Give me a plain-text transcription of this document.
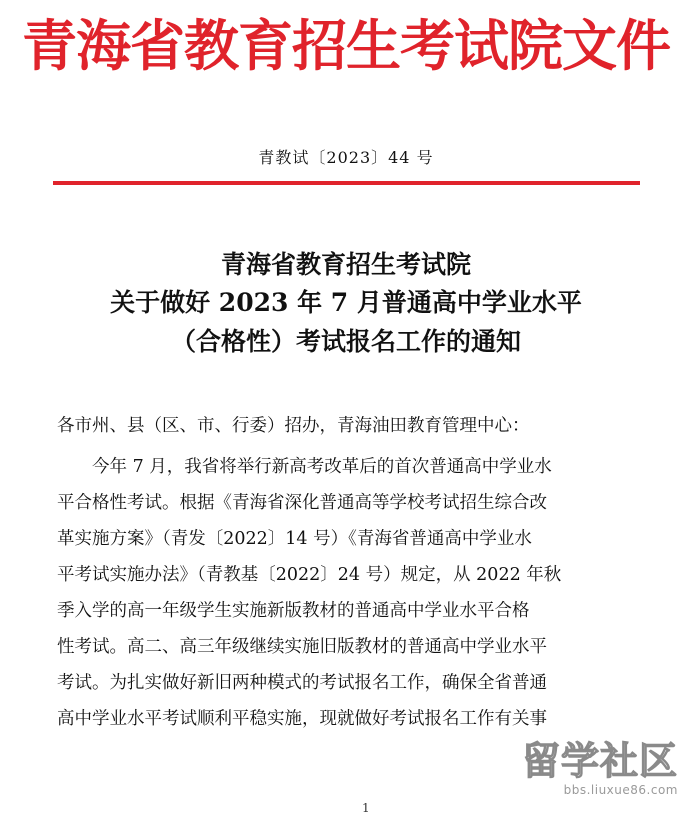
青海省教育招生考试院文件
青教试〔2023〕44 号
青海省教育招生考试院
关于做好 2023 年 7 月普通高中学业水平
（合格性）考试报名工作的通知
各市州、县（区、市、行委）招办，青海油田教育管理中心：
今年 7 月，我省将举行新高考改革后的首次普通高中学业水
平合格性考试。根据《青海省深化普通高等学校考试招生综合改
革实施方案》（青发〔2022〕14 号）《青海省普通高中学业水
平考试实施办法》（青教基〔2022〕24 号）规定，从 2022 年秋
季入学的高一年级学生实施新版教材的普通高中学业水平合格
性考试。高二、高三年级继续实施旧版教材的普通高中学业水平
考试。为扎实做好新旧两种模式的考试报名工作，确保全省普通
高中学业水平考试顺利平稳实施，现就做好考试报名工作有关事
留学社区
bbs.liuxue86.com
1
